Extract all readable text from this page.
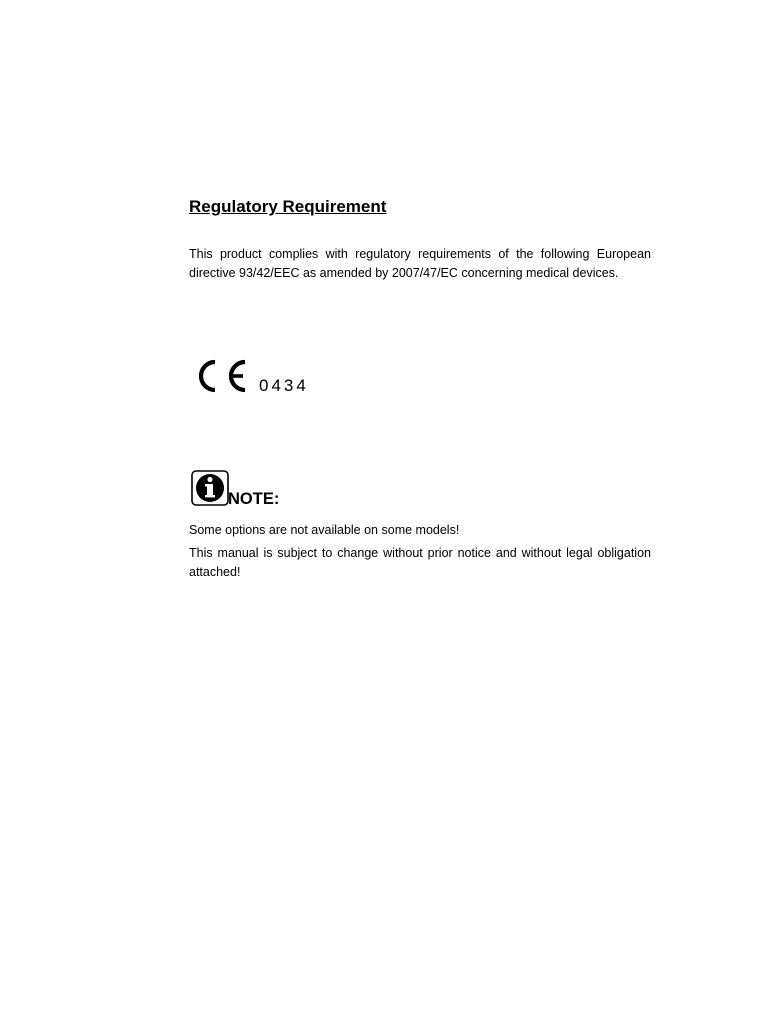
Regulatory Requirement

This product complies with regulatory requirements of the following European directive 93/42/EEC as amended by 2007/47/EC concerning medical devices.

0434
NOTE:

Some options are not available on some models!

This manual is subject to change without prior notice and without legal obligation attached!
